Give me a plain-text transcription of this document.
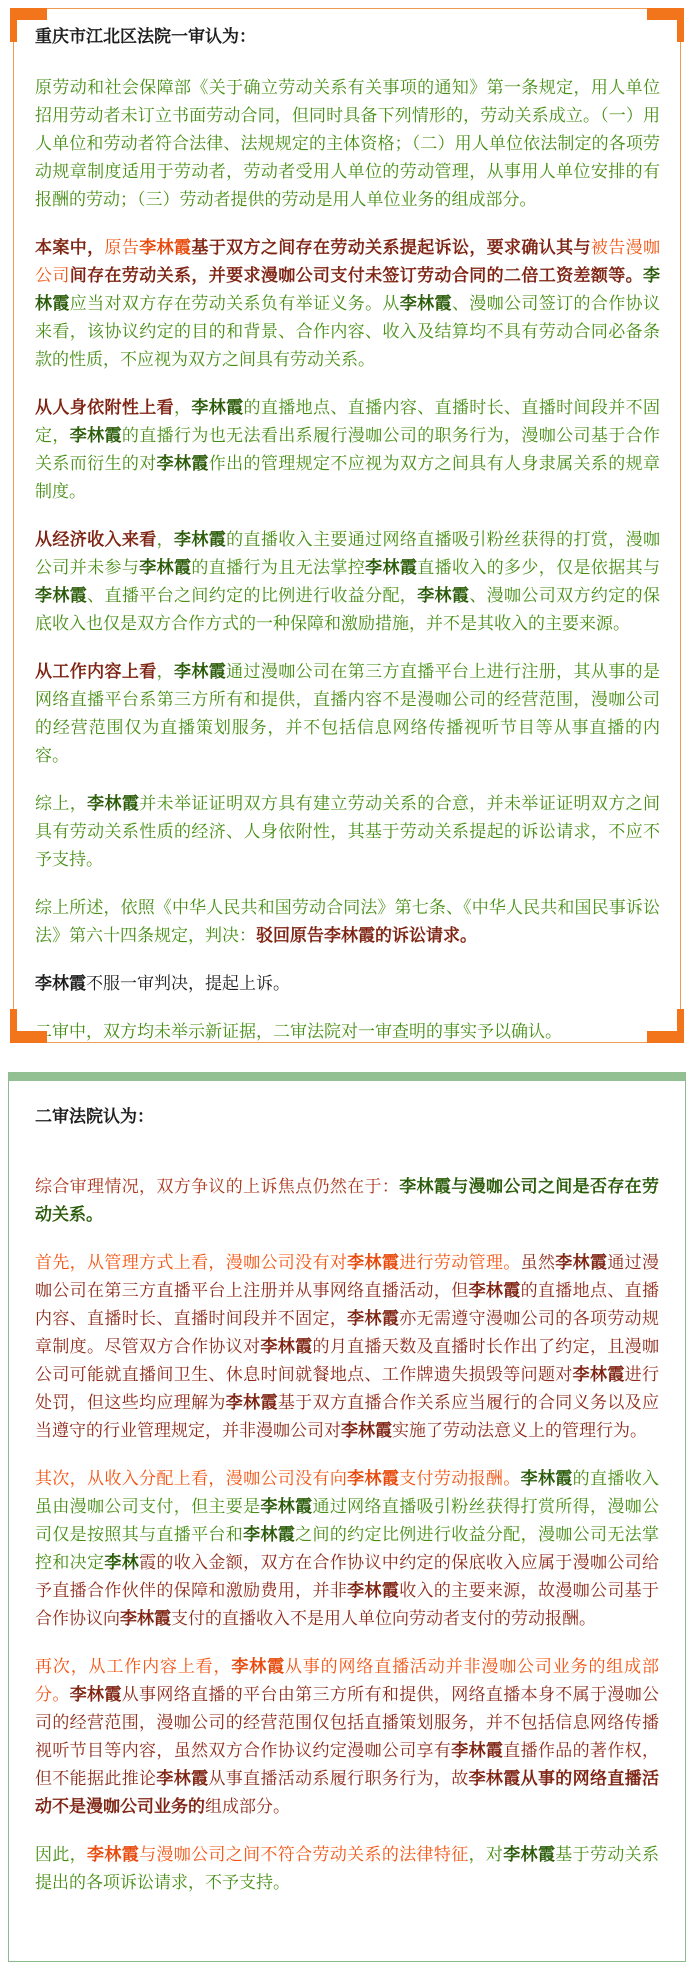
重庆市江北区法院一审认为：

原劳动和社会保障部《关于确立劳动关系有关事项的通知》第一条规定，用人单位招用劳动者未订立书面劳动合同，但同时具备下列情形的，劳动关系成立。（一）用人单位和劳动者符合法律、法规规定的主体资格；（二）用人单位依法制定的各项劳动规章制度适用于劳动者，劳动者受用人单位的劳动管理，从事用人单位安排的有报酬的劳动；（三）劳动者提供的劳动是用人单位业务的组成部分。

本案中，原告李林霞基于双方之间存在劳动关系提起诉讼，要求确认其与被告漫咖公司间存在劳动关系，并要求漫咖公司支付未签订劳动合同的二倍工资差额等。李林霞应当对双方存在劳动关系负有举证义务。从李林霞、漫咖公司签订的合作协议来看，该协议约定的目的和背景、合作内容、收入及结算均不具有劳动合同必备条款的性质，不应视为双方之间具有劳动关系。

从人身依附性上看，李林霞的直播地点、直播内容、直播时长、直播时间段并不固定，李林霞的直播行为也无法看出系履行漫咖公司的职务行为，漫咖公司基于合作关系而衍生的对李林霞作出的管理规定不应视为双方之间具有人身隶属关系的规章制度。

从经济收入来看，李林霞的直播收入主要通过网络直播吸引粉丝获得的打赏，漫咖公司并未参与李林霞的直播行为且无法掌控李林霞直播收入的多少，仅是依据其与李林霞、直播平台之间约定的比例进行收益分配，李林霞、漫咖公司双方约定的保底收入也仅是双方合作方式的一种保障和激励措施，并不是其收入的主要来源。

从工作内容上看，李林霞通过漫咖公司在第三方直播平台上进行注册，其从事的是网络直播平台系第三方所有和提供，直播内容不是漫咖公司的经营范围，漫咖公司的经营范围仅为直播策划服务，并不包括信息网络传播视听节目等从事直播的内容。

综上，李林霞并未举证证明双方具有建立劳动关系的合意，并未举证证明双方之间具有劳动关系性质的经济、人身依附性，其基于劳动关系提起的诉讼请求，不应不予支持。

综上所述，依照《中华人民共和国劳动合同法》第七条、《中华人民共和国民事诉讼法》第六十四条规定，判决：驳回原告李林霞的诉讼请求。

李林霞不服一审判决，提起上诉。

二审中，双方均未举示新证据，二审法院对一审查明的事实予以确认。

二审法院认为：

综合审理情况，双方争议的上诉焦点仍然在于：李林霞与漫咖公司之间是否存在劳动关系。

首先，从管理方式上看，漫咖公司没有对李林霞进行劳动管理。虽然李林霞通过漫咖公司在第三方直播平台上注册并从事网络直播活动，但李林霞的直播地点、直播内容、直播时长、直播时间段并不固定，李林霞亦无需遵守漫咖公司的各项劳动规章制度。尽管双方合作协议对李林霞的月直播天数及直播时长作出了约定，且漫咖公司可能就直播间卫生、休息时间就餐地点、工作牌遗失损毁等问题对李林霞进行处罚，但这些均应理解为李林霞基于双方直播合作关系应当履行的合同义务以及应当遵守的行业管理规定，并非漫咖公司对李林霞实施了劳动法意义上的管理行为。

其次，从收入分配上看，漫咖公司没有向李林霞支付劳动报酬。李林霞的直播收入虽由漫咖公司支付，但主要是李林霞通过网络直播吸引粉丝获得打赏所得，漫咖公司仅是按照其与直播平台和李林霞之间的约定比例进行收益分配，漫咖公司无法掌控和决定李林霞的收入金额，双方在合作协议中约定的保底收入应属于漫咖公司给予直播合作伙伴的保障和激励费用，并非李林霞收入的主要来源，故漫咖公司基于合作协议向李林霞支付的直播收入不是用人单位向劳动者支付的劳动报酬。

再次，从工作内容上看，李林霞从事的网络直播活动并非漫咖公司业务的组成部分。李林霞从事网络直播的平台由第三方所有和提供，网络直播本身不属于漫咖公司的经营范围，漫咖公司的经营范围仅包括直播策划服务，并不包括信息网络传播视听节目等内容，虽然双方合作协议约定漫咖公司享有李林霞直播作品的著作权，但不能据此推论李林霞从事直播活动系履行职务行为，故李林霞从事的网络直播活动不是漫咖公司业务的组成部分。

因此，李林霞与漫咖公司之间不符合劳动关系的法律特征，对李林霞基于劳动关系提出的各项诉讼请求，不予支持。
